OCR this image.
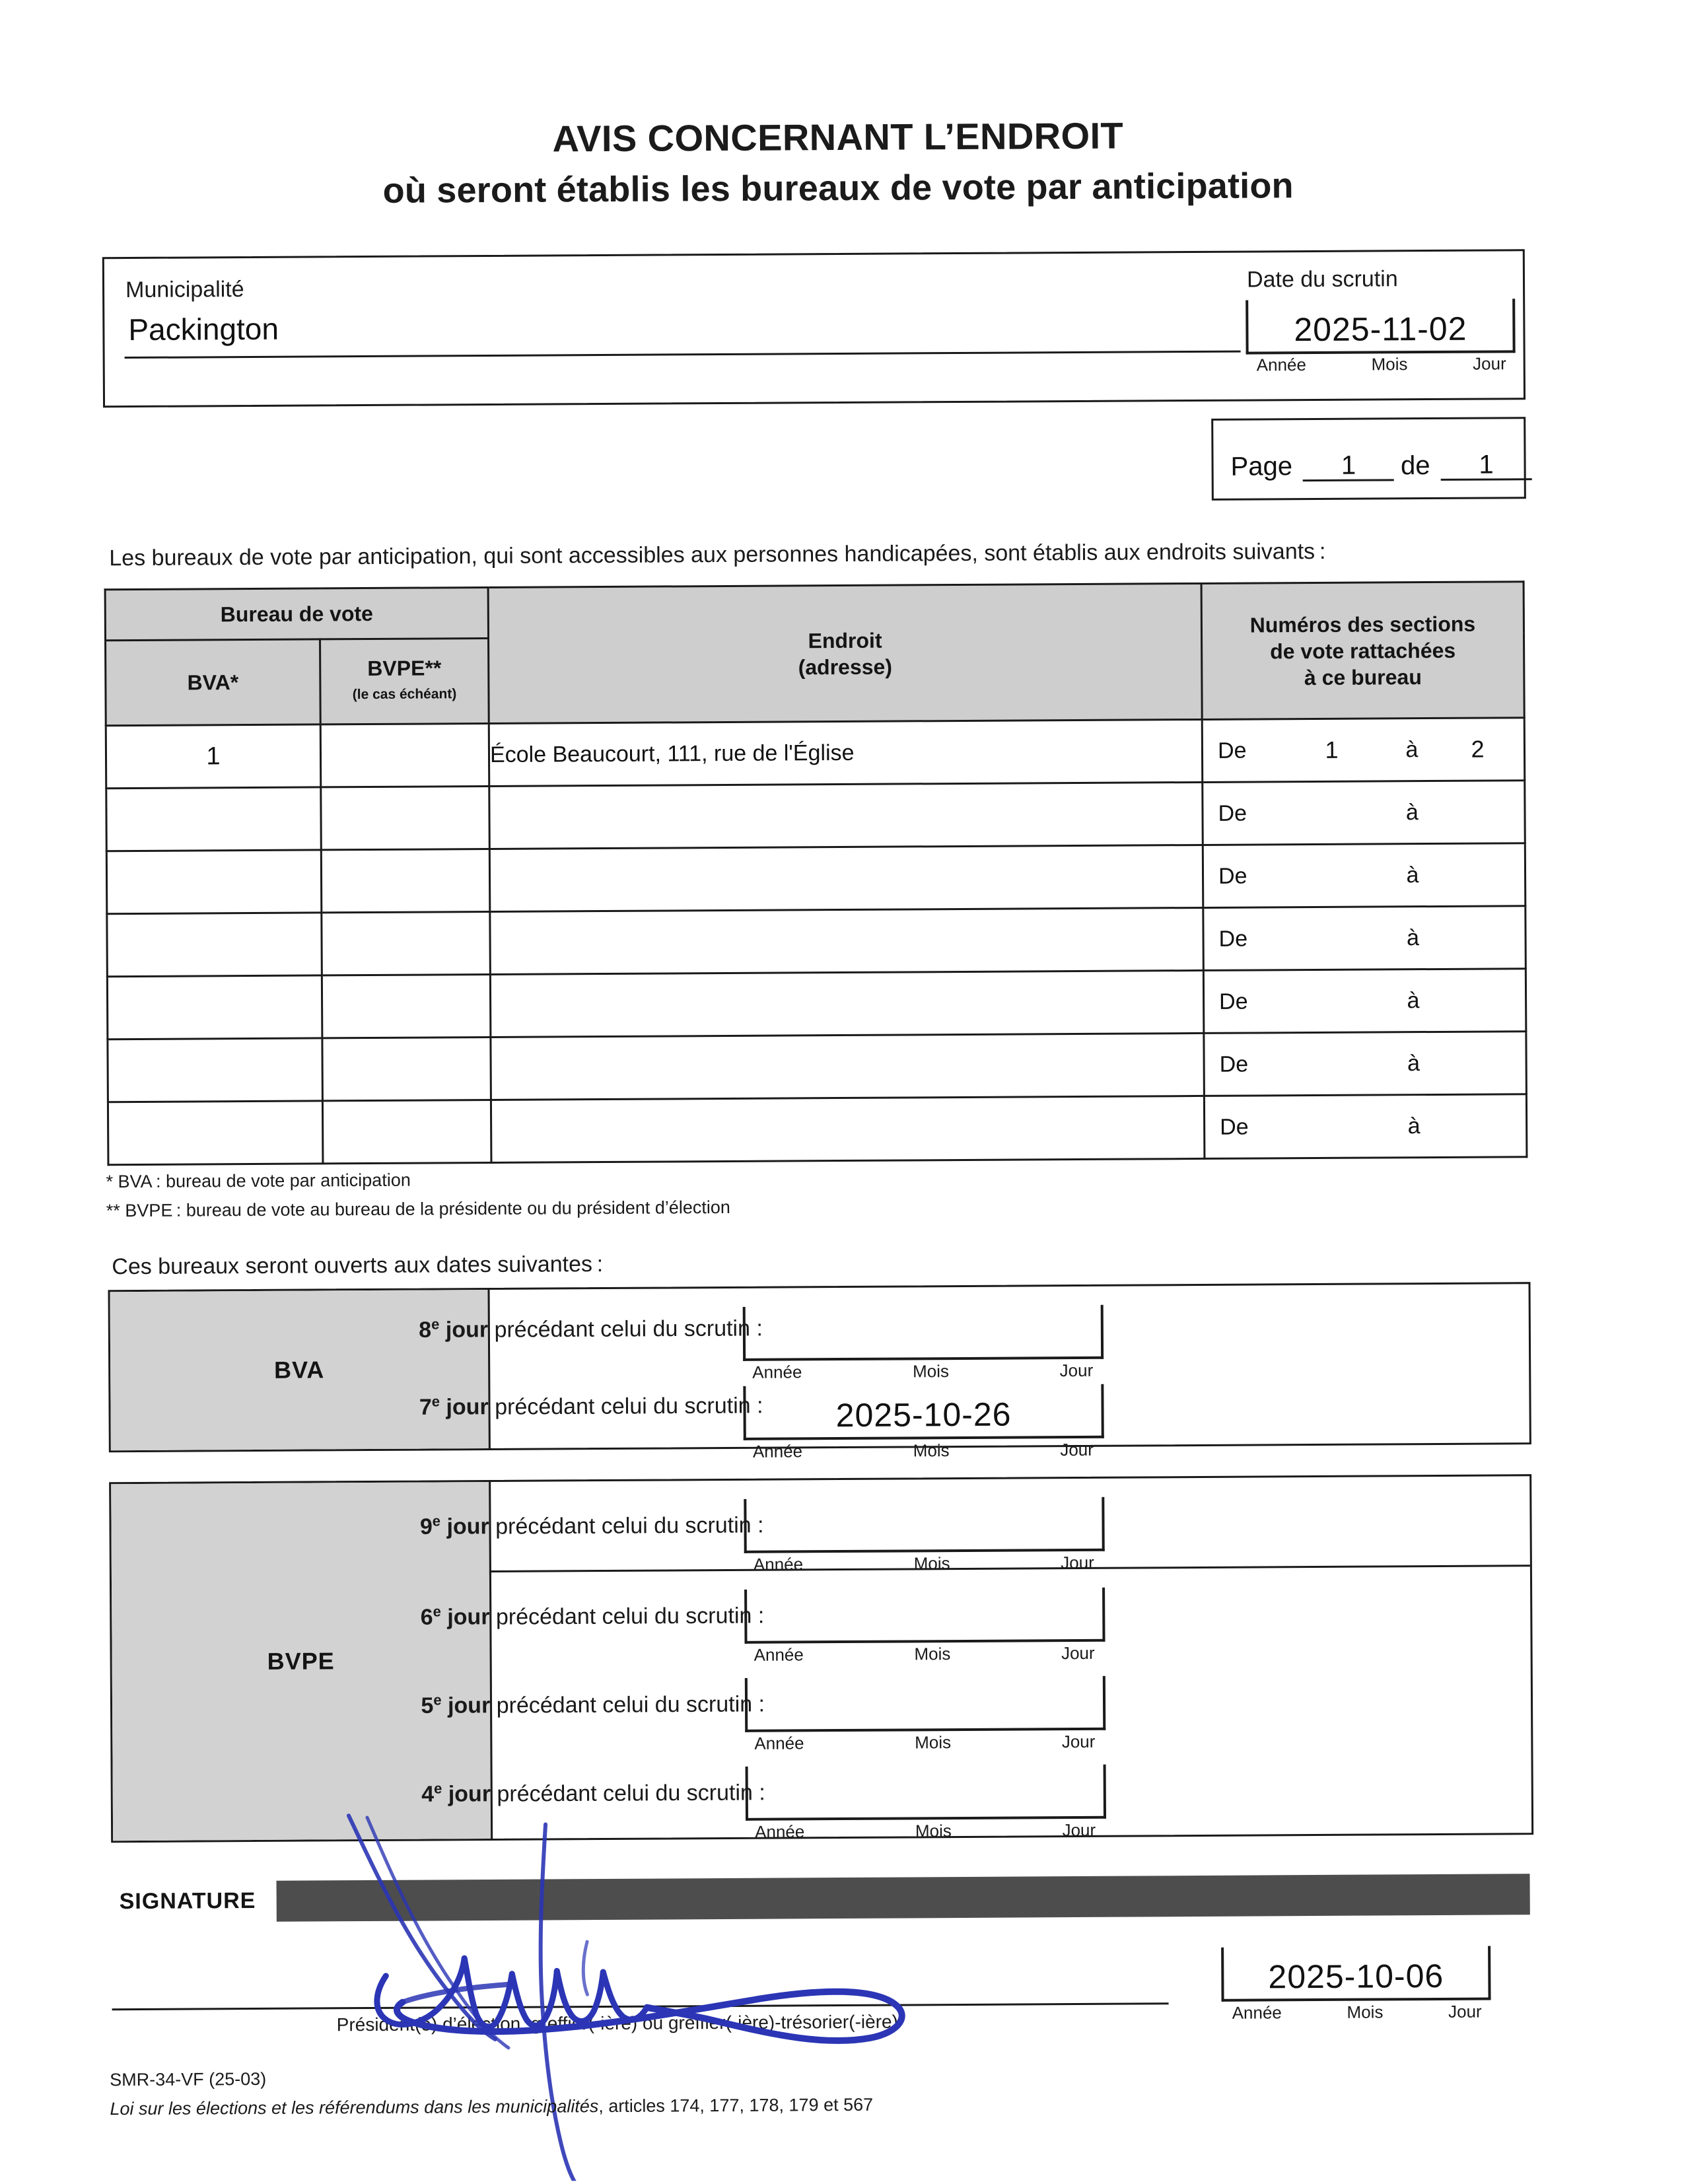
AVIS CONCERNANT L’ENDROIT
où seront établis les bureaux de vote par anticipation
Municipalité
Packington
Date du scrutin
2025-11-02
Année	Mois	Jour
Page	1	de	1
Les bureaux de vote par anticipation, qui sont accessibles aux personnes handicapées, sont établis aux endroits suivants :
Bureau de vote	
Endroit
(adresse)

Numéros des sections
de vote rattachées
à ce bureau

BVA*	BVPE**
(le cas échéant)		

1		École Beaucourt, 111, rue de l'Église	De 1 à 2

			De à

			De à

			De à

			De à

			De à

			De à
* BVA : bureau de vote par anticipation
** BVPE : bureau de vote au bureau de la présidente ou du président d’élection
Ces bureaux seront ouverts aux dates suivantes :
BVA
8e jour précédant celui du scrutin :
Année	Mois	Jour
7e jour précédant celui du scrutin :	2025-10-26
Année	Mois	Jour
BVPE
9e jour précédant celui du scrutin :
Année	Mois	Jour
6e jour précédant celui du scrutin :
Année	Mois	Jour
5e jour précédant celui du scrutin :
Année	Mois	Jour
4e jour précédant celui du scrutin :
Année	Mois	Jour
SIGNATURE
Président(e) d’élection, greffier(-ière) ou greffier(-ière)-trésorier(-ière)
2025-10-06
Année	Mois	Jour
SMR-34-VF (25-03)
Loi sur les élections et les référendums dans les municipalités, articles 174, 177, 178, 179 et 567
